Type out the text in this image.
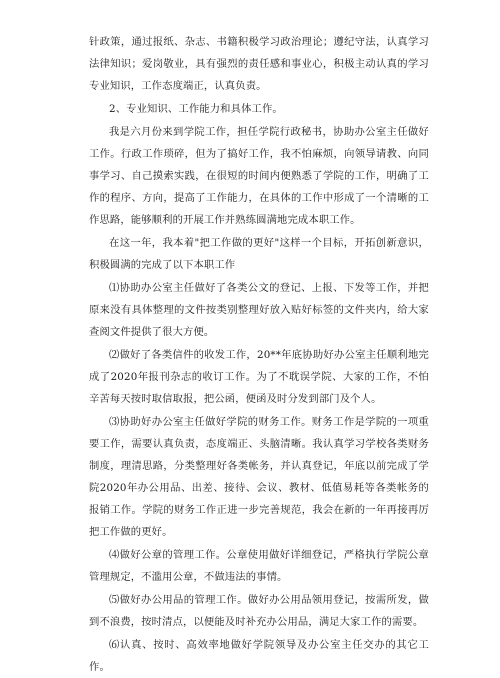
针政策，通过报纸、杂志、书籍积极学习政治理论；遵纪守法，认真学习法律知识；爱岗敬业，具有强烈的责任感和事业心，积极主动认真的学习专业知识，工作态度端正，认真负责。

2、专业知识、工作能力和具体工作。

我是六月份来到学院工作，担任学院行政秘书，协助办公室主任做好工作。行政工作琐碎，但为了搞好工作，我不怕麻烦，向领导请教、向同事学习、自己摸索实践，在很短的时间内便熟悉了学院的工作，明确了工作的程序、方向，提高了工作能力，在具体的工作中形成了一个清晰的工作思路，能够顺利的开展工作并熟练圆满地完成本职工作。

在这一年，我本着"把工作做的更好"这样一个目标，开拓创新意识，积极圆满的完成了以下本职工作

⑴协助办公室主任做好了各类公文的登记、上报、下发等工作，并把原来没有具体整理的文件按类别整理好放入贴好标签的文件夹内，给大家查阅文件提供了很大方便。

⑵做好了各类信件的收发工作，20**年底协助好办公室主任顺利地完成了2020年报刊杂志的收订工作。为了不耽误学院、大家的工作，不怕辛苦每天按时取信取报，把公函，便函及时分发到部门及个人。

⑶协助好办公室主任做好学院的财务工作。财务工作是学院的一项重要工作，需要认真负责，态度端正、头脑清晰。我认真学习学校各类财务制度，理清思路，分类整理好各类帐务，并认真登记，年底以前完成了学院2020年办公用品、出差、接待、会议、教材、低值易耗等各类帐务的报销工作。学院的财务工作正进一步完善规范，我会在新的一年再接再厉把工作做的更好。

⑷做好公章的管理工作。公章使用做好详细登记，严格执行学院公章管理规定，不滥用公章，不做违法的事情。

⑸做好办公用品的管理工作。做好办公用品领用登记，按需所发，做到不浪费，按时清点，以便能及时补充办公用品，满足大家工作的需要。

⑹认真、按时、高效率地做好学院领导及办公室主任交办的其它工作。
